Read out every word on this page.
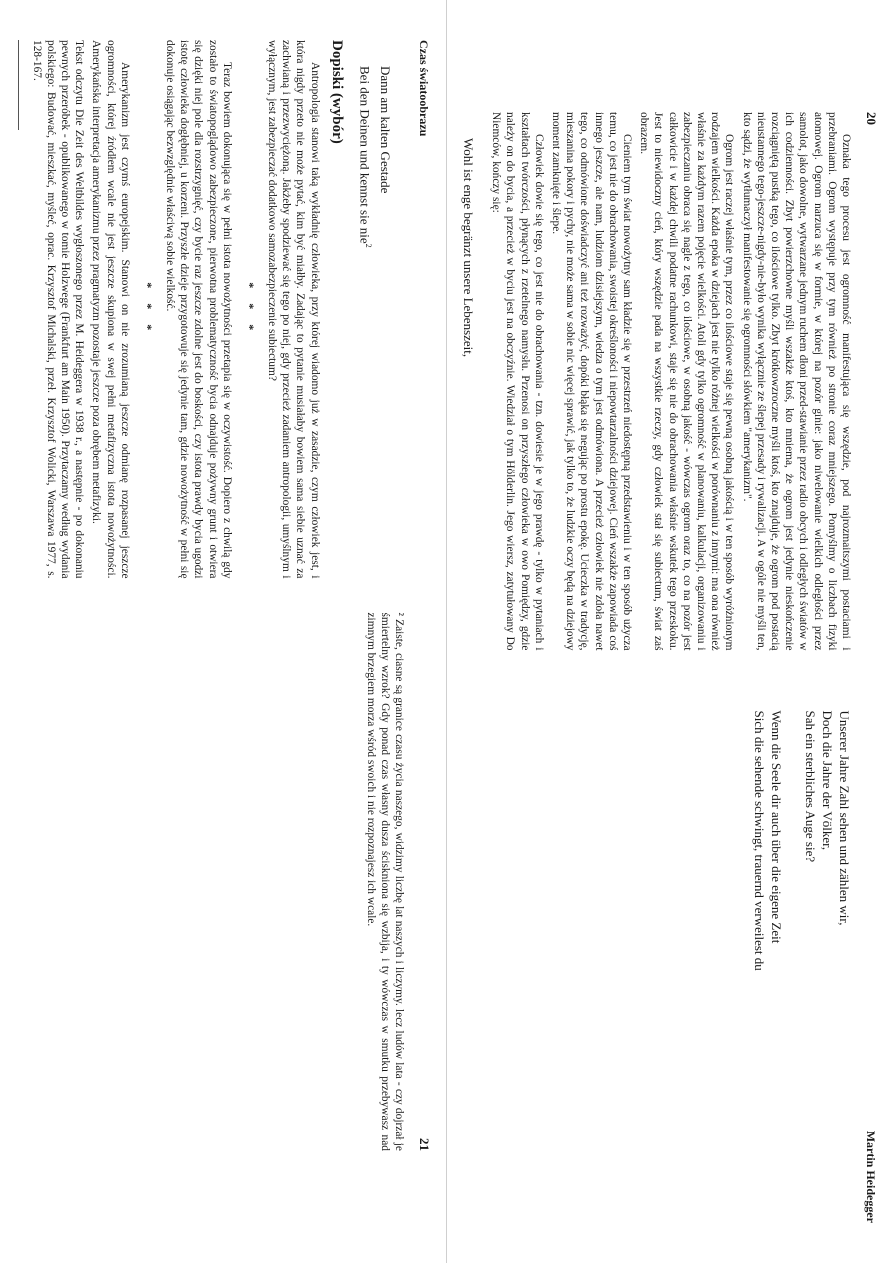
20
Martin Heidegger

Oznaka tego procesu jest ogromność manifestująca się wszędzie, pod najrozmaitszymi postaciami i przebraniami. Ogrom występuje przy tym również po stronie coraz mniejszego. Pomyślmy o liczbach fizyki atomowej. Ogrom narzuca się w formie, w której na pozór ginie: jako niwelowanie wielkich odległości przez samolot, jako dowolne, wytwarzane jednym ruchem dłoni przed-stawianie przez radio obcych i odległych światów w ich codzienności. Zbyt powierzchowne myśli wszakże ktoś, kto mniema, że ogrom jest jedynie nieskończenie rozciągniętą pustką tego, co ilościowe tylko. Zbyt krótkowzroczne myśli ktoś, kto znajduje, że ogrom pod postacią nieustannego tego-jeszcze-nigdy-nie-było wynika wyłącznie ze ślepej przesady i rywalizacji. A w ogóle nie myśli ten, kto sądzi, że wytłumaczył manifestowanie się ogromności słówkiem "amerykanizm".

Ogrom jest raczej właśnie tym, przez co ilościowe staje się pewną osobną jakością i w ten sposób wyróżnionym rodzajem wielkości. Każda epoka w dziejach jest nie tylko różnej wielkości w porównaniu z innymi: ma ona również właśnie za każdym razem pojęcie wielkości. Atoli gdy tylko ogromność w planowaniu, kalkulacji, organizowaniu i zabezpieczaniu obraca się nagle z tego, co ilościowe, w osobną jakość - wówczas ogrom oraz to, co na pozór jest całkowicie i w każdej chwili podatne rachunkowi, staje się nie do obrachowania właśnie wskutek tego przeskoku. Jest to niewidoczny cień, który wszędzie pada na wszystkie rzeczy, gdy człowiek stał się subiectum, świat zaś obrazem.

Cieniem tym świat nowożytny sam kładzie się w przestrzeń niedostępną przedstawieniu i w ten sposób użycza temu, co jest nie do obrachowania, swoistej określoności i niepowtarzalności dziejowej. Cień wszakże zapowiada coś innego jeszcze, ale nam, ludziom dzisiejszym, wiedza o tym jest odmówiona. A przecież człowiek nie zdoła nawet tego, co odmówione doświadczyć ani też rozważyć, dopóki błąka się negując po prostu epokę. Ucieczka w tradycję, mieszanina pokory i pychy, nie może sama w sobie nic więcej sprawić, jak tylko to, że ludzkie oczy będą na dziejowy moment zamknięte i ślepe.

Człowiek dowie się tego, co jest nie do obrachowania - tzn. dowiesie je w jego prawdę - tylko w pytaniach i kształtach twórczości, płynących z rzetelnego namysłu. Przenosi on przyszłego człowieka w owo Pomiędzy, gdzie należy on do bycia, a przecież w byciu jest na obczyźnie. Wiedział o tym Hölderlin. Jego wiersz, zatytułowany Do Niemców, kończy się:

Wohl ist enge begränzt unsere Lebenszeit,
Unserer Jahre Zahl sehen und zählen wir,
Doch die Jahre der Völker,
Sah ein sterbliches Auge sie?

Wenn die Seele dir auch über die eigene Zeit
Sich die sehende schwingt, trauernd verweilest du
Czas światoobrazu
21
Dann am kalten Gestade
Bei den Deinen und kennst sie nie$^2$
Dopiski (wybór)

Antropologia stanowi taką wykładnię człowieka, przy której wiadomo już w zasadzie, czym człowiek jest, i która nigdy przeto nie może pytać, kim być miałby. Zadając to pytanie musiałaby bowiem sama siebie uznać za zachwianą i przezwyciężoną. Jakżeby spodziewać się tego po niej, gdy przecież zadaniem antropologii, umyślnym i wyłącznym, jest zabezpieczać dodatkowo samozabezpieczenie subiectum?

* * *

Teraz bowiem dokonująca się w pełni istota nowożytności przetapia się w oczywistość. Dopiero z chwilą gdy zostało to światopoglądowo zabezpieczone, pierwotna problematyczność bycia odnajduje pożywny grunt i otwiera się dzięki niej pole dla rozstrzygnięć, czy bycie raz jeszcze zdolne jest do boskości, czy istota prawdy bycia ugodzi istotę człowieka dogłębniej, u korzeni. Przyszłe dzieje przygotowuje się jedynie tam, gdzie nowożytność w pełni się dokonuje osiągając bezwzględnie właściwą sobie wielkość.

* * *

Amerykanizm jest czymś europejskim. Stanowi on nie zrozumianą jeszcze odmianę rozpasanej jeszcze ogromności, której źródłem wcale nie jest jeszcze skupiona w swej pełni metafizyczna istota nowożytności. Amerykańska interpretacja amerykanizmu przez pragmatyzm pozostaje jeszcze poza obrębem metafizyki.

Tekst odczytu Die Zeit des Weltbildes wygłoszonego przez M. Heideggera w 1938 r., a następnie - po dokonaniu pewnych przeróbek - opublikowanego w tomie Holzwege (Frankfurt am Main 1950). Przytaczamy według wydania polskiego: Budować, mieszkać, myśleć, oprac. Krzysztof Michalski, przeł. Krzysztof Wolicki, Warszawa 1977, s. 128-167.

² Zaiste, ciasne są granice czasu życia naszego, widzimy liczbę lat naszych i liczymy. lecz ludów lata - czy dojrzał je śmiertelny wzrok? Gdy ponad czas własny dusza ściskniona się wzbija, i ty wówczas w smutku przebywasz nad zimnym brzegiem morza wśród swoich i nie rozpoznajesz ich wcale.
